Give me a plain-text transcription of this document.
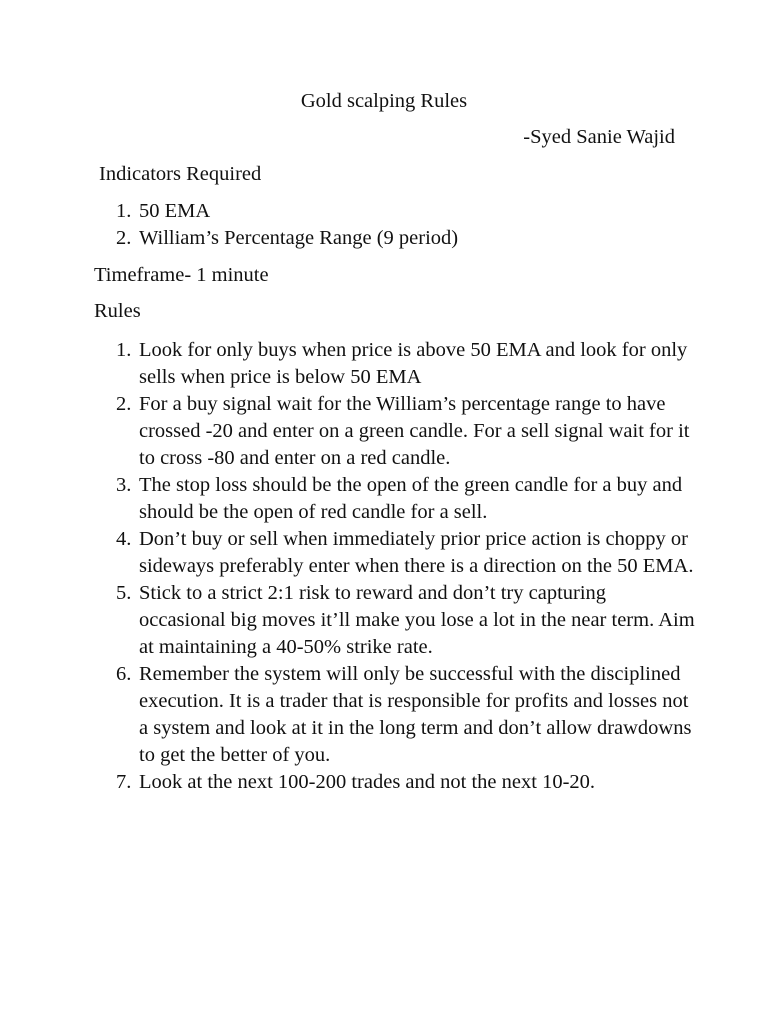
Gold scalping Rules

-Syed Sanie Wajid

Indicators Required
1. 50 EMA
2. William’s Percentage Range (9 period)

Timeframe- 1 minute

Rules
1. Look for only buys when price is above 50 EMA and look for only sells when price is below 50 EMA
2. For a buy signal wait for the William’s percentage range to have crossed -20 and enter on a green candle. For a sell signal wait for it to cross -80 and enter on a red candle.
3. The stop loss should be the open of the green candle for a buy and should be the open of red candle for a sell.
4. Don’t buy or sell when immediately prior price action is choppy or sideways preferably enter when there is a direction on the 50 EMA.
5. Stick to a strict 2:1 risk to reward and don’t try capturing occasional big moves it’ll make you lose a lot in the near term. Aim at maintaining a 40-50% strike rate.
6. Remember the system will only be successful with the disciplined execution. It is a trader that is responsible for profits and losses not a system and look at it in the long term and don’t allow drawdowns to get the better of you.
7. Look at the next 100-200 trades and not the next 10-20.
